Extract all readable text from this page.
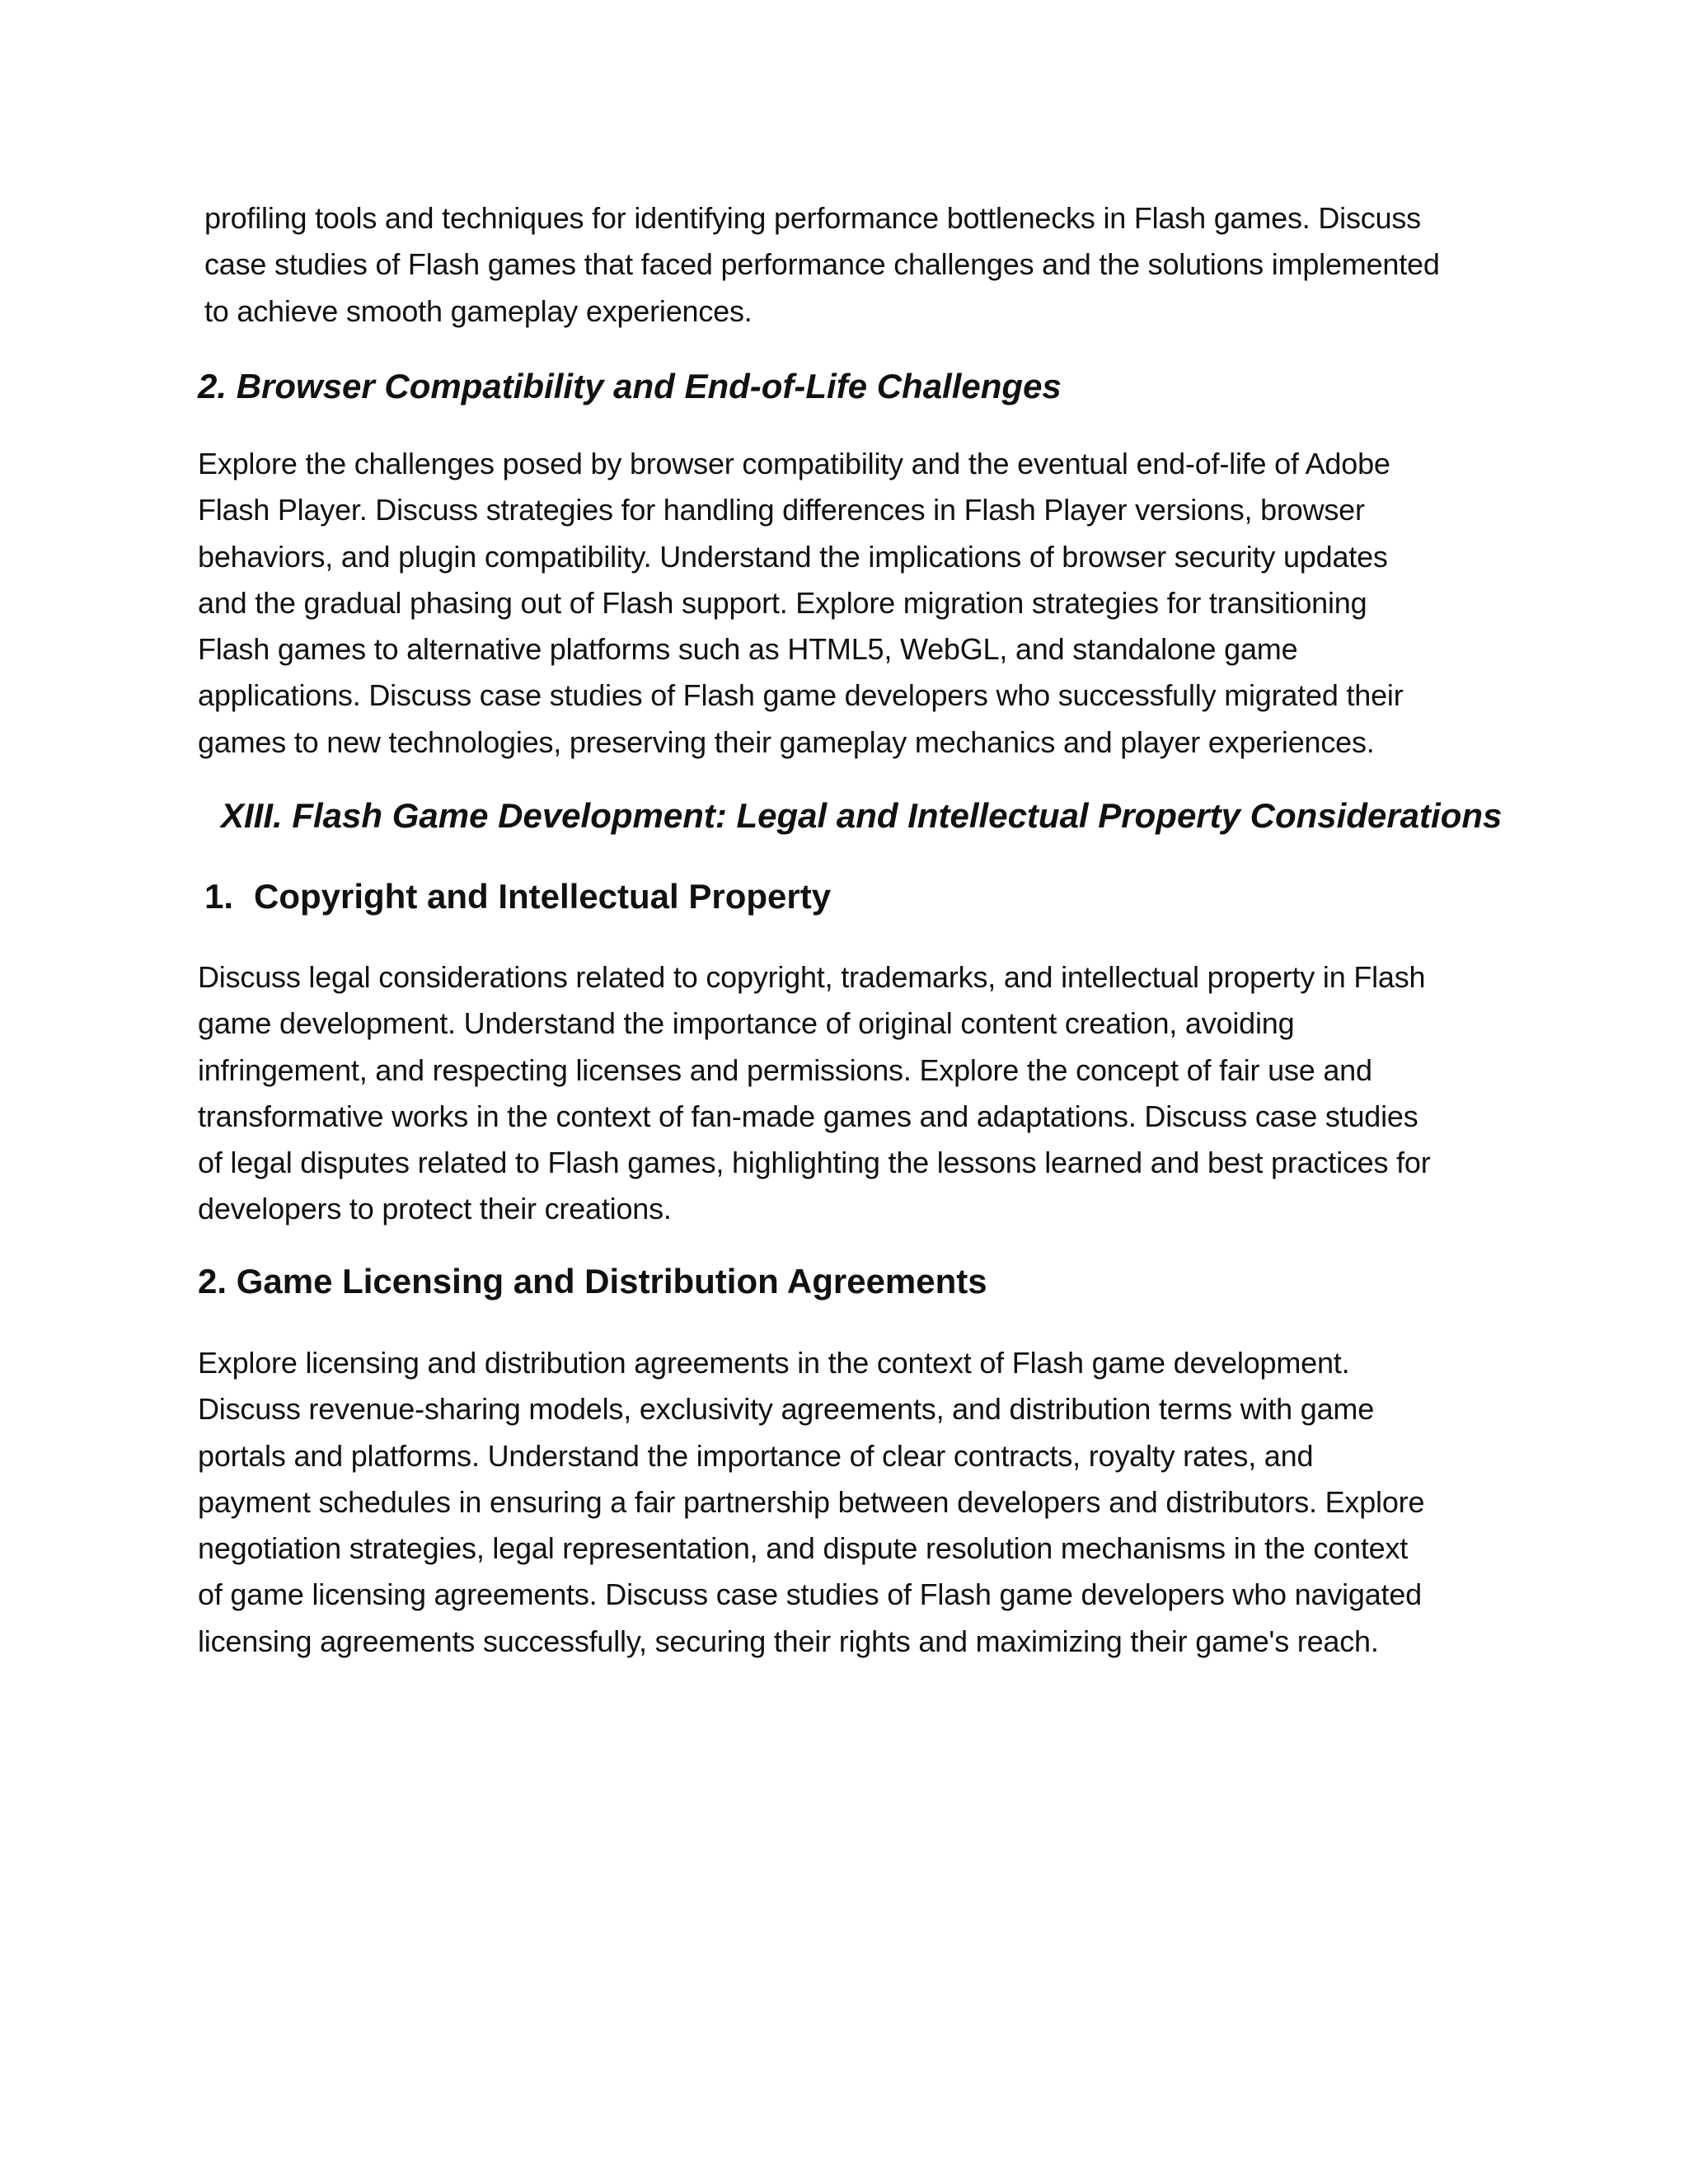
profiling tools and techniques for identifying performance bottlenecks in Flash games. Discuss
case studies of Flash games that faced performance challenges and the solutions implemented
to achieve smooth gameplay experiences.

2. Browser Compatibility and End-of-Life Challenges

Explore the challenges posed by browser compatibility and the eventual end-of-life of Adobe
Flash Player. Discuss strategies for handling differences in Flash Player versions, browser
behaviors, and plugin compatibility. Understand the implications of browser security updates
and the gradual phasing out of Flash support. Explore migration strategies for transitioning
Flash games to alternative platforms such as HTML5, WebGL, and standalone game
applications. Discuss case studies of Flash game developers who successfully migrated their
games to new technologies, preserving their gameplay mechanics and player experiences.

XIII. Flash Game Development: Legal and Intellectual Property Considerations
1. Copyright and Intellectual Property

Discuss legal considerations related to copyright, trademarks, and intellectual property in Flash
game development. Understand the importance of original content creation, avoiding
infringement, and respecting licenses and permissions. Explore the concept of fair use and
transformative works in the context of fan-made games and adaptations. Discuss case studies
of legal disputes related to Flash games, highlighting the lessons learned and best practices for
developers to protect their creations.

2. Game Licensing and Distribution Agreements

Explore licensing and distribution agreements in the context of Flash game development.
Discuss revenue-sharing models, exclusivity agreements, and distribution terms with game
portals and platforms. Understand the importance of clear contracts, royalty rates, and
payment schedules in ensuring a fair partnership between developers and distributors. Explore
negotiation strategies, legal representation, and dispute resolution mechanisms in the context
of game licensing agreements. Discuss case studies of Flash game developers who navigated
licensing agreements successfully, securing their rights and maximizing their game's reach.
